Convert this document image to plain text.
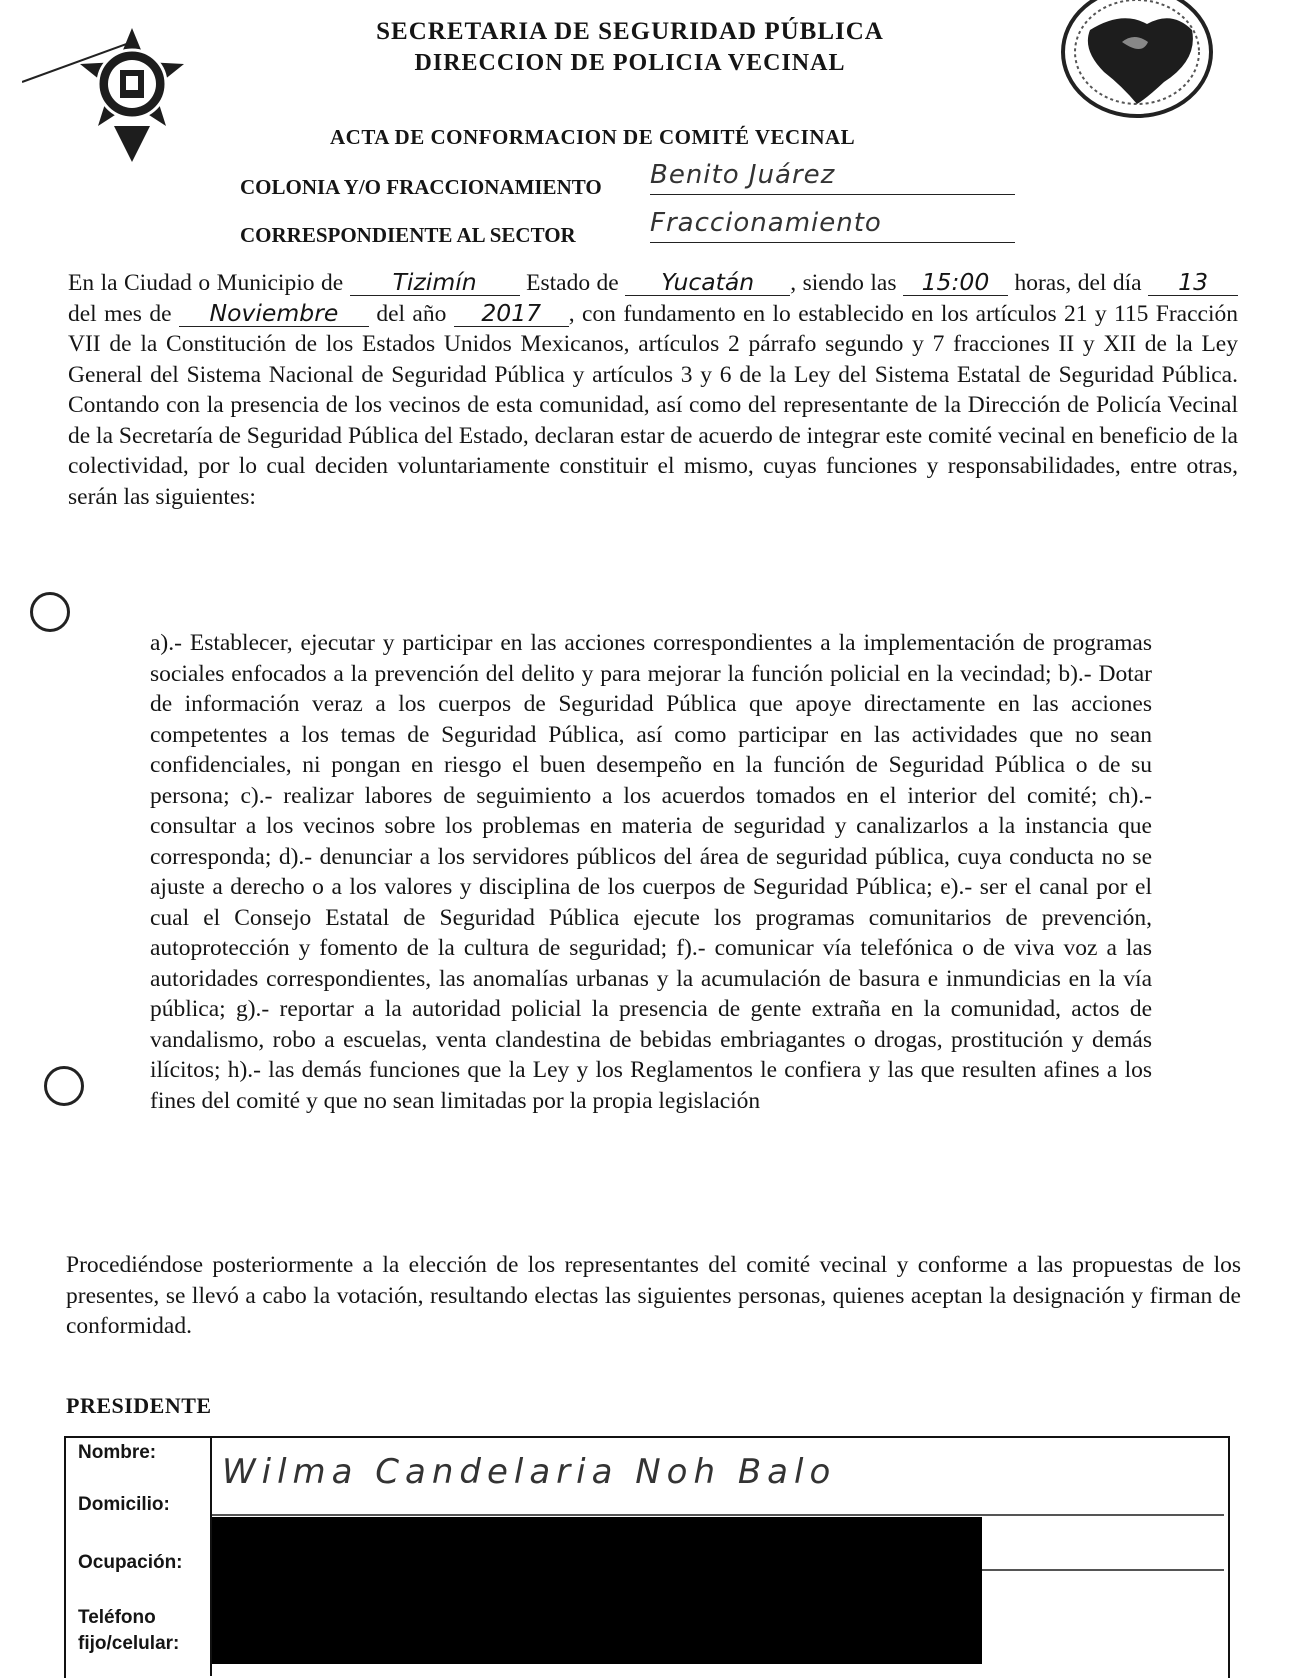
SECRETARIA DE SEGURIDAD PÚBLICA
DIRECCION DE POLICIA VECINAL
ACTA DE CONFORMACION DE COMITÉ VECINAL
COLONIA Y/O FRACCIONAMIENTO Benito Juárez
CORRESPONDIENTE AL SECTOR	Fraccionamiento
En la Ciudad o Municipio de Tizimín Estado de Yucatán , siendo las 15:00 horas, del día 13 del mes de Noviembre del año 2017 , con fundamento en lo establecido en los artículos 21 y 115 Fracción VII de la Constitución de los Estados Unidos Mexicanos, artículos 2 párrafo segundo y 7 fracciones II y XII de la Ley General del Sistema Nacional de Seguridad Pública y artículos 3 y 6 de la Ley del Sistema Estatal de Seguridad Pública. Contando con la presencia de los vecinos de esta comunidad, así como del representante de la Dirección de Policía Vecinal de la Secretaría de Seguridad Pública del Estado, declaran estar de acuerdo de integrar este comité vecinal en beneficio de la colectividad, por lo cual deciden voluntariamente constituir el mismo, cuyas funciones y responsabilidades, entre otras, serán las siguientes:
a).- Establecer, ejecutar y participar en las acciones correspondientes a la implementación de programas sociales enfocados a la prevención del delito y para mejorar la función policial en la vecindad; b).- Dotar de información veraz a los cuerpos de Seguridad Pública que apoye directamente en las acciones competentes a los temas de Seguridad Pública, así como participar en las actividades que no sean confidenciales, ni pongan en riesgo el buen desempeño en la función de Seguridad Pública o de su persona; c).- realizar labores de seguimiento a los acuerdos tomados en el interior del comité; ch).- consultar a los vecinos sobre los problemas en materia de seguridad y canalizarlos a la instancia que corresponda; d).- denunciar a los servidores públicos del área de seguridad pública, cuya conducta no se ajuste a derecho o a los valores y disciplina de los cuerpos de Seguridad Pública; e).- ser el canal por el cual el Consejo Estatal de Seguridad Pública ejecute los programas comunitarios de prevención, autoprotección y fomento de la cultura de seguridad; f).- comunicar vía telefónica o de viva voz a las autoridades correspondientes, las anomalías urbanas y la acumulación de basura e inmundicias en la vía pública; g).- reportar a la autoridad policial la presencia de gente extraña en la comunidad, actos de vandalismo, robo a escuelas, venta clandestina de bebidas embriagantes o drogas, prostitución y demás ilícitos; h).- las demás funciones que la Ley y los Reglamentos le confiera y las que resulten afines a los fines del comité y que no sean limitadas por la propia legislación
Procediéndose posteriormente a la elección de los representantes del comité vecinal y conforme a las propuestas de los presentes, se llevó a cabo la votación, resultando electas las siguientes personas, quienes aceptan la designación y firman de conformidad.
PRESIDENTE
Nombre:
Domicilio:
Ocupación:
Teléfono fijo/celular:
Wilma Candelaria Noh Balo
